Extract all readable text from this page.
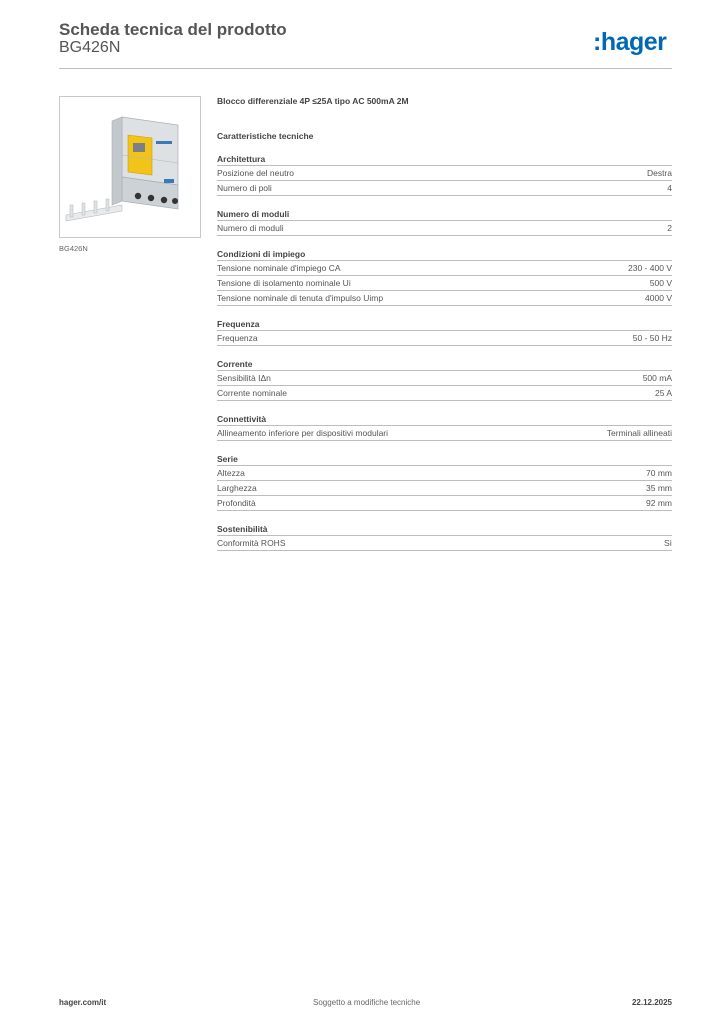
Scheda tecnica del prodotto
BG426N	:hager
BG426N
Blocco differenziale 4P ≤25A tipo AC 500mA 2M
Caratteristiche tecniche
Architettura
Posizione del neutro	Destra
Numero di poli	4
Numero di moduli
Numero di moduli	2
Condizioni di impiego
Tensione nominale d'impiego CA	230 - 400 V
Tensione di isolamento nominale Ui	500 V
Tensione nominale di tenuta d'impulso Uimp	4000 V
Frequenza
Frequenza	50 - 50 Hz
Corrente
Sensibilità IΔn	500 mA
Corrente nominale	25 A
Connettività
Allineamento inferiore per dispositivi modulari	Terminali allineati
Serie
Altezza	70 mm
Larghezza	35 mm
Profondità	92 mm
Sostenibilità
Conformità ROHS	Sì
hager.com/it	Soggetto a modifiche tecniche	22.12.2025
